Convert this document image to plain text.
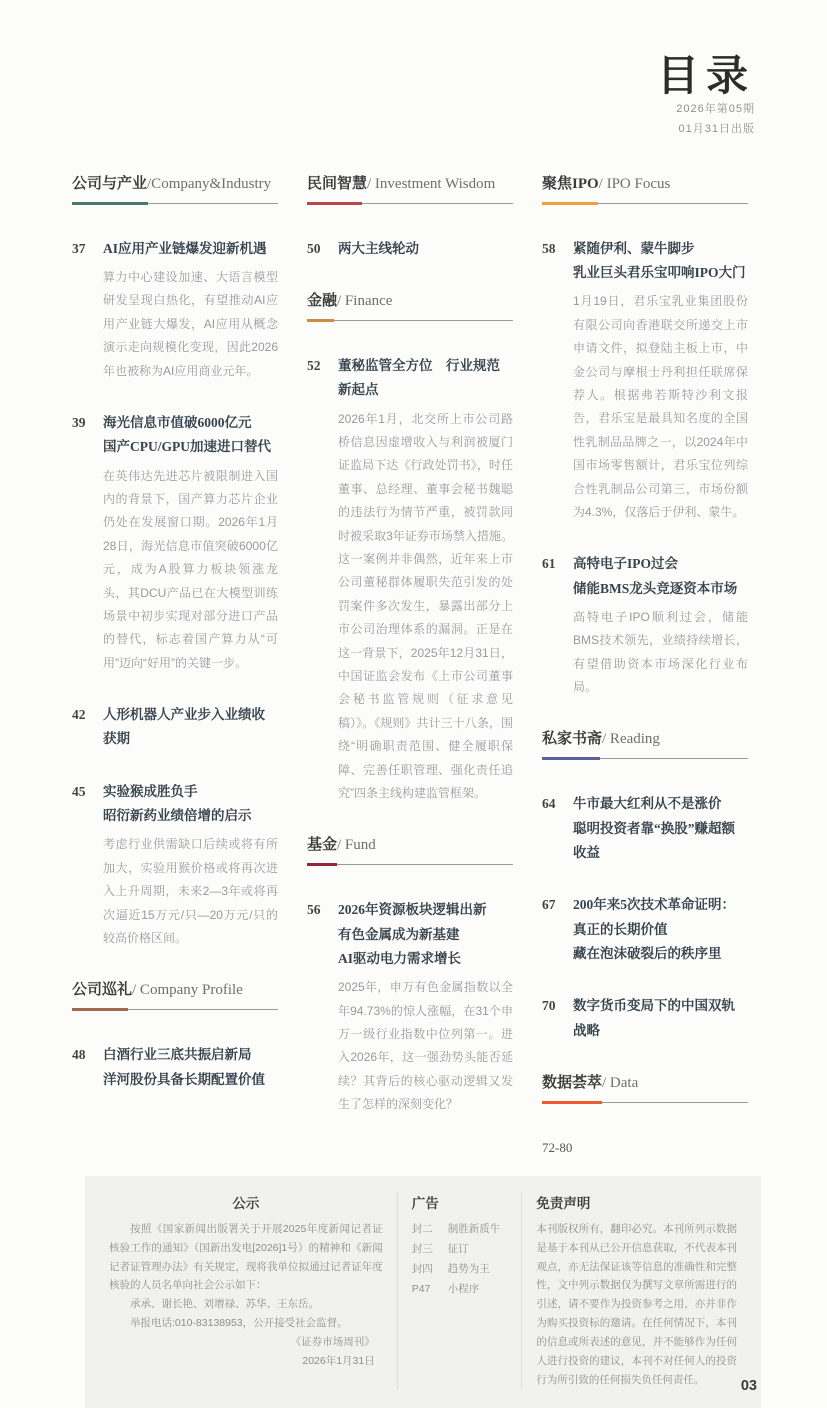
目录
2026年第05期
01月31日出版
公司与产业/Company&Industry
37	AI应用产业链爆发迎新机遇

算力中心建设加速、大语言模型研发呈现白热化，有望推动AI应用产业链大爆发，AI应用从概念演示走向规模化变现，因此2026年也被称为AI应用商业元年。

39	海光信息市值破6000亿元
国产CPU/GPU加速进口替代

在英伟达先进芯片被限制进入国内的背景下，国产算力芯片企业仍处在发展窗口期。2026年1月28日，海光信息市值突破6000亿元，成为A股算力板块领涨龙头，其DCU产品已在大模型训练场景中初步实现对部分进口产品的替代，标志着国产算力从“可用”迈向“好用”的关键一步。

42	人形机器人产业步入业绩收获期
45	实验猴成胜负手
昭衍新药业绩倍增的启示

考虑行业供需缺口后续或将有所加大，实验用猴价格或将再次进入上升周期，未来2—3年或将再次逼近15万元/只—20万元/只的较高价格区间。

公司巡礼/ Company Profile
48	白酒行业三底共振启新局
洋河股份具备长期配置价值
民间智慧/ Investment Wisdom
50	两大主线轮动
金融/ Finance
52	董秘监管全方位　行业规范新起点

2026年1月，北交所上市公司路桥信息因虚增收入与利润被厦门证监局下达《行政处罚书》，时任董事、总经理、董事会秘书魏聪的违法行为情节严重，被罚款同时被采取3年证券市场禁入措施。这一案例并非偶然，近年来上市公司董秘群体履职失范引发的处罚案件多次发生，暴露出部分上市公司治理体系的漏洞。正是在这一背景下，2025年12月31日，中国证监会发布《上市公司董事会秘书监管规则（征求意见稿）》。《规则》共计三十八条，围绕“明确职责范围、健全履职保障、完善任职管理、强化责任追究”四条主线构建监管框架。

基金/ Fund
56	2026年资源板块逻辑出新
有色金属成为新基建
AI驱动电力需求增长

2025年，申万有色金属指数以全年94.73%的惊人涨幅，在31个申万一级行业指数中位列第一。进入2026年，这一强劲势头能否延续？其背后的核心驱动逻辑又发生了怎样的深刻变化？

聚焦IPO/ IPO Focus
58	紧随伊利、蒙牛脚步
乳业巨头君乐宝叩响IPO大门

1月19日，君乐宝乳业集团股份有限公司向香港联交所递交上市申请文件，拟登陆主板上市，中金公司与摩根士丹利担任联席保荐人。根据弗若斯特沙利文报告，君乐宝是最具知名度的全国性乳制品品牌之一，以2024年中国市场零售额计，君乐宝位列综合性乳制品公司第三，市场份额为4.3%，仅落后于伊利、蒙牛。

61	高特电子IPO过会
储能BMS龙头竞逐资本市场

高特电子IPO顺利过会，储能BMS技术领先，业绩持续增长，有望借助资本市场深化行业布局。

私家书斋/ Reading
64	牛市最大红利从不是涨价
聪明投资者靠“换股”赚超额收益
67	200年来5次技术革命证明：
真正的长期价值
藏在泡沫破裂后的秩序里
70	数字货币变局下的中国双轨战略
数据荟萃/ Data
72-80
公示

按照《国家新闻出版署关于开展2025年度新闻记者证核验工作的通知》（国新出发电[2026]1号）的精神和《新闻记者证管理办法》有关规定，现将我单位拟通过记者证年度核验的人员名单向社会公示如下：

承承、谢长艳、刘增禄、苏华、王东岳。

举报电话:010-83138953，公开接受社会监督。

《证券市场周刊》

2026年1月31日

广告
封二 制胜新质牛
封三 征订
封四 趋势为王
P47 小程序
免责声明

本刊版权所有，翻印必究。本刊所列示数据是基于本刊从已公开信息获取，不代表本刊观点，亦无法保证该等信息的准确性和完整性，文中列示数据仅为撰写文章所需进行的引述，请不要作为投资参考之用，亦并非作为购买投资标的邀请。在任何情况下，本刊的信息或所表述的意见，并不能够作为任何人进行投资的建议，本刊不对任何人的投资行为所引致的任何损失负任何责任。	03
